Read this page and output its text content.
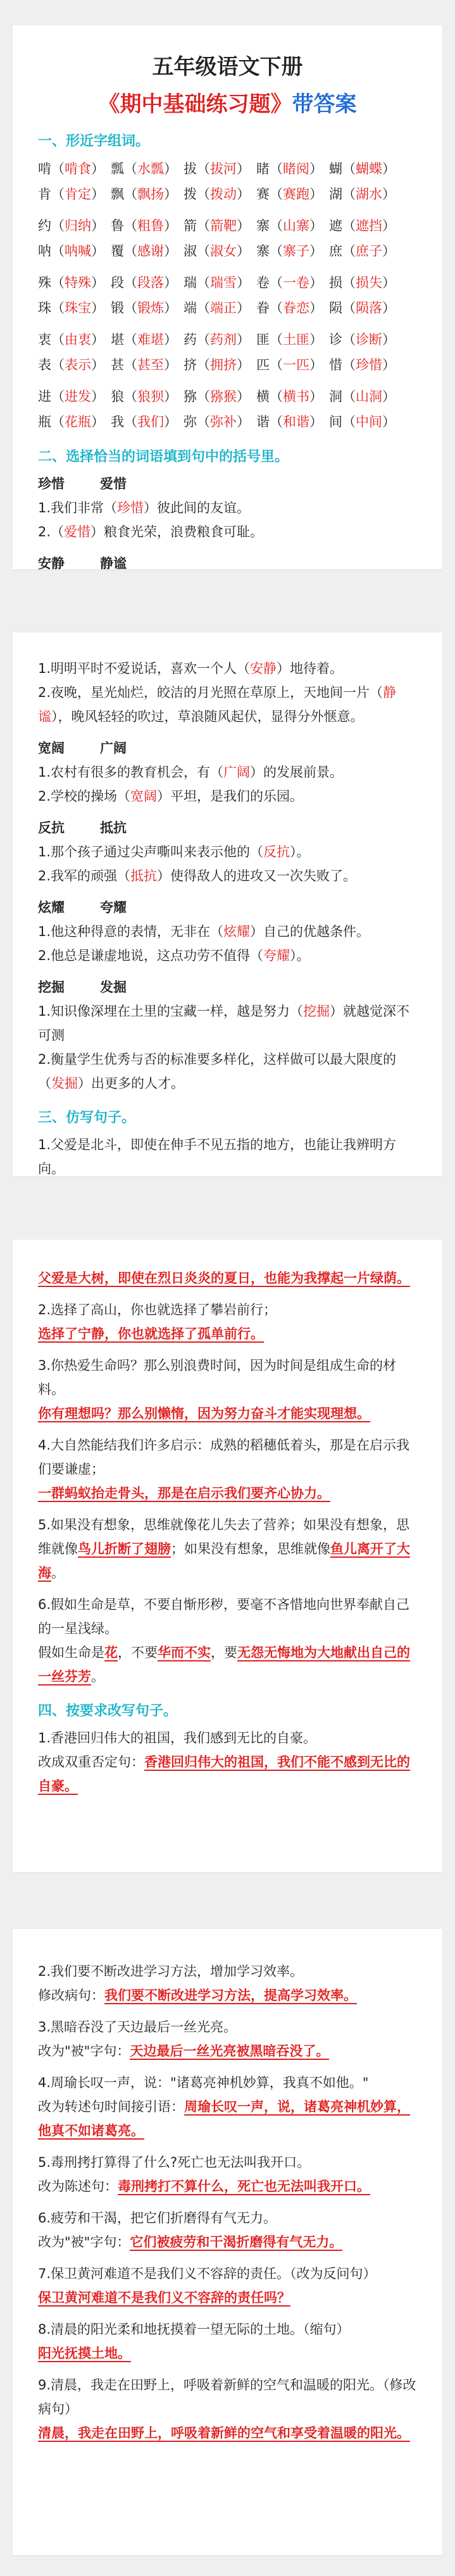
五年级语文下册
《期中基础练习题》带答案
一、形近字组词。
啃（啃食） 瓢（水瓢） 拔（拔河） 睹（睹阅） 蝴（蝴蝶）
肯（肯定） 飘（飘扬） 拨（拨动） 赛（赛跑） 湖（湖水）
约（归纳） 鲁（粗鲁） 箭（箭靶） 寨（山寨） 遮（遮挡）
呐（呐喊） 覆（感谢） 淑（淑女） 寨（寨子） 庶（庶子）
殊（特殊） 段（段落） 瑞（瑞雪） 卷（一卷） 损（损失）
珠（珠宝） 锻（锻炼） 端（端正） 眷（眷恋） 陨（陨落）
衷（由衷） 堪（难堪） 药（药剂） 匪（土匪） 诊（诊断）
表（表示） 甚（甚至） 挤（拥挤） 匹（一匹） 惜（珍惜）
进（进发） 狼（狼狈） 猕（猕猴） 横（横书） 洞（山洞）
瓶（花瓶） 我（我们） 弥（弥补） 谐（和谐） 间（中间）
二、选择恰当的词语填到句中的括号里。
珍惜	爱惜
1.我们非常（珍惜）彼此间的友谊。
2.（爱惜）粮食光荣，浪费粮食可耻。
安静	静谧
1.明明平时不爱说话，喜欢一个人（安静）地待着。
2.夜晚，星光灿烂，皎洁的月光照在草原上，天地间一片（静谧），晚风轻轻的吹过，草浪随风起伏，显得分外惬意。
宽阔	广阔
1.农村有很多的教育机会，有（广阔）的发展前景。
2.学校的操场（宽阔）平坦，是我们的乐园。
反抗	抵抗
1.那个孩子通过尖声嘶叫来表示他的（反抗）。
2.我军的顽强（抵抗）使得敌人的进攻又一次失败了。
炫耀	夸耀
1.他这种得意的表情，无非在（炫耀）自己的优越条件。
2.他总是谦虚地说，这点功劳不值得（夸耀）。
挖掘	发掘
1.知识像深埋在土里的宝藏一样，越是努力（挖掘）就越觉深不可测
2.衡量学生优秀与否的标准要多样化，这样做可以最大限度的（发掘）出更多的人才。
三、仿写句子。
1.父爱是北斗，即使在伸手不见五指的地方，也能让我辨明方向。
父爱是大树，即使在烈日炎炎的夏日，也能为我撑起一片绿荫。
2.选择了高山，你也就选择了攀岩前行；
选择了宁静，你也就选择了孤单前行。
3.你热爱生命吗？那么别浪费时间，因为时间是组成生命的材料。
你有理想吗？那么别懒惰，因为努力奋斗才能实现理想。
4.大自然能结我们许多启示：成熟的稻穗低着头，那是在启示我们要谦虚；
一群蚂蚁抬走骨头，那是在启示我们要齐心协力。
5.如果没有想象，思维就像花儿失去了营养；如果没有想象，思维就像鸟儿折断了翅膀；如果没有想象，思维就像鱼儿离开了大海。
6.假如生命是草，不要自惭形秽，要毫不吝惜地向世界奉献自己的一星浅绿。
假如生命是花，不要华而不实，要无怨无悔地为大地献出自己的一丝芬芳。
四、按要求改写句子。
1.香港回归伟大的祖国，我们感到无比的自豪。
改成双重否定句：香港回归伟大的祖国，我们不能不感到无比的自豪。
2.我们要不断改进学习方法，增加学习效率。
修改病句：我们要不断改进学习方法，提高学习效率。
3.黑暗吞没了天边最后一丝光亮。
改为"被"字句：天边最后一丝光亮被黑暗吞没了。
4.周瑜长叹一声，说："诸葛亮神机妙算，我真不如他。"
改为转述句时间接引语：周瑜长叹一声，说，诸葛亮神机妙算，他真不如诸葛亮。
5.毒刑拷打算得了什么?死亡也无法叫我开口。
改为陈述句：毒刑拷打不算什么，死亡也无法叫我开口。
6.疲劳和干渴，把它们折磨得有气无力。
改为"被"字句：它们被疲劳和干渴折磨得有气无力。
7.保卫黄河难道不是我们义不容辞的责任。（改为反问句）
保卫黄河难道不是我们义不容辞的责任吗？
8.清晨的阳光柔和地抚摸着一望无际的土地。（缩句）
阳光抚摸土地。
9.清晨，我走在田野上，呼吸着新鲜的空气和温暖的阳光。（修改病句）
清晨，我走在田野上，呼吸着新鲜的空气和享受着温暖的阳光。
